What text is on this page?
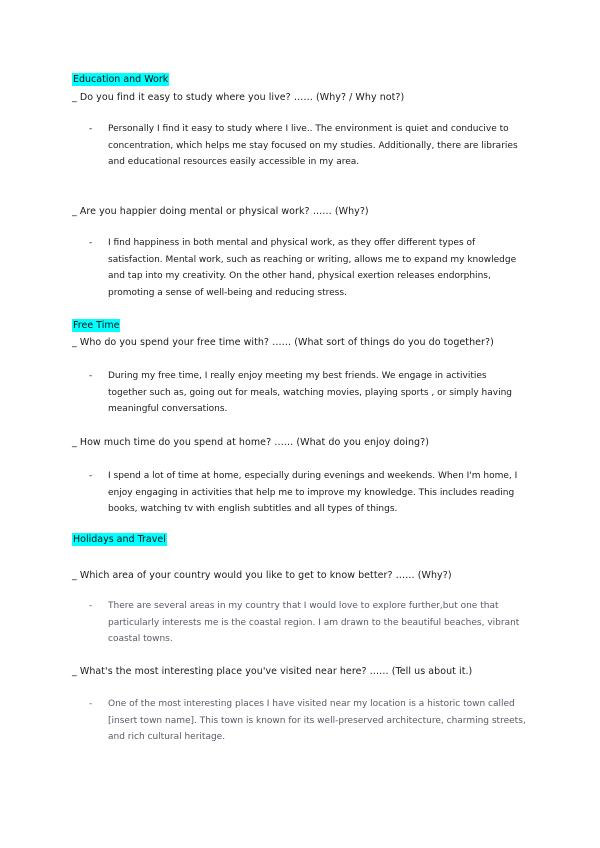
Education and Work
_ Do you find it easy to study where you live? …… (Why? / Why not?)
- Personally I find it easy to study where I live.. The environment is quiet and conducive to concentration, which helps me stay focused on my studies. Additionally, there are libraries and educational resources easily accessible in my area.
_ Are you happier doing mental or physical work? …… (Why?)
- I find happiness in both mental and physical work, as they offer different types of satisfaction. Mental work, such as reaching or writing, allows me to expand my knowledge and tap into my creativity. On the other hand, physical exertion releases endorphins, promoting a sense of well-being and reducing stress.
Free Time
_ Who do you spend your free time with? …… (What sort of things do you do together?)
- During my free time, I really enjoy meeting my best friends. We engage in activities together such as, going out for meals, watching movies, playing sports , or simply having meaningful conversations.
_ How much time do you spend at home? …… (What do you enjoy doing?)
- I spend a lot of time at home, especially during evenings and weekends. When I'm home, I enjoy engaging in activities that help me to improve my knowledge. This includes reading books, watching tv with english subtitles and all types of things.
Holidays and Travel
_ Which area of your country would you like to get to know better? …… (Why?)
- There are several areas in my country that I would love to explore further,but one that particularly interests me is the coastal region. I am drawn to the beautiful beaches, vibrant coastal towns.
_ What's the most interesting place you've visited near here? …… (Tell us about it.)
- One of the most interesting places I have visited near my location is a historic town called [insert town name]. This town is known for its well-preserved architecture, charming streets, and rich cultural heritage.
